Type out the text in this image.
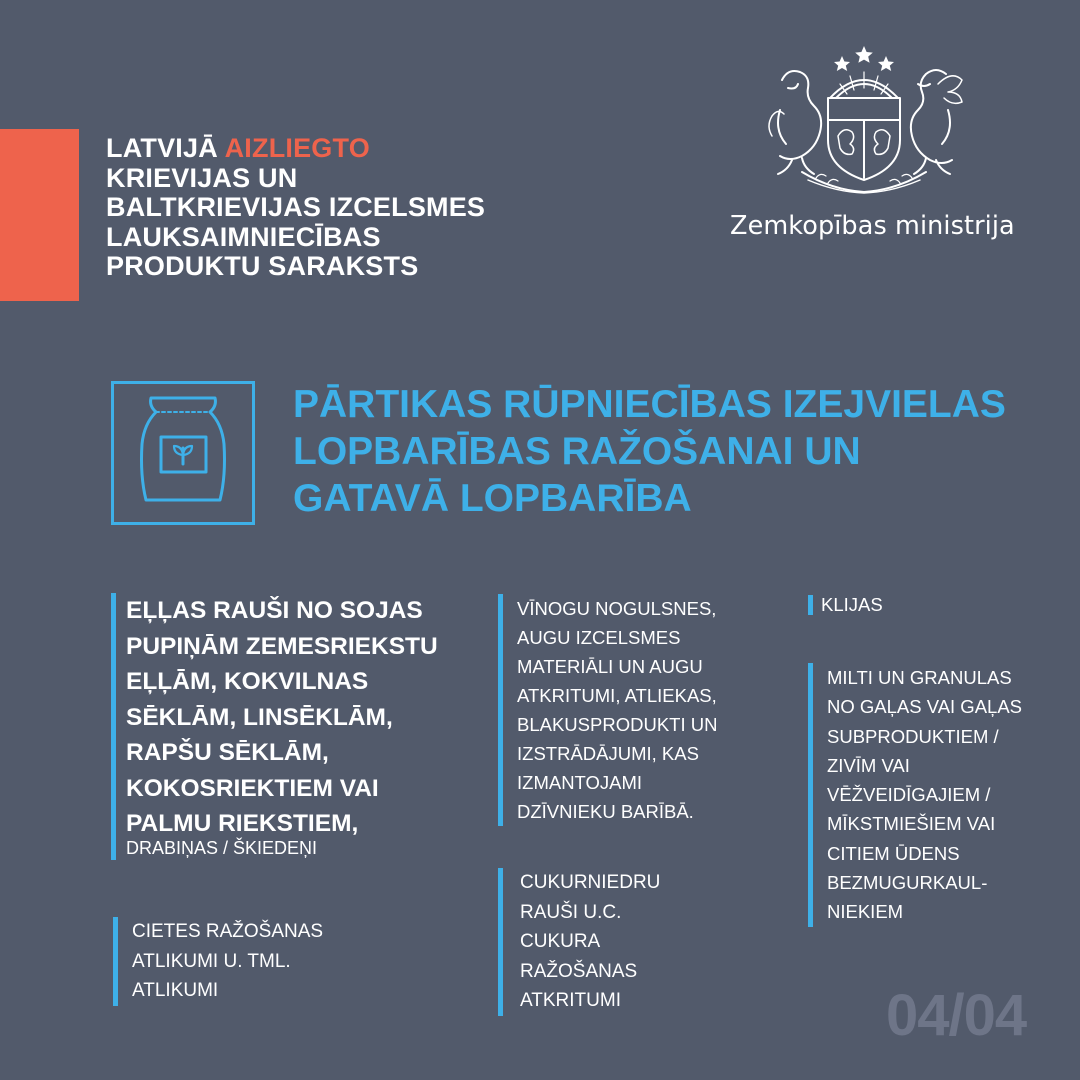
LATVIJĀ AIZLIEGTO
KRIEVIJAS UN
BALTKRIEVIJAS IZCELSMES
LAUKSAIMNIECĪBAS
PRODUKTU SARAKSTS
Zemkopības ministrija
PĀRTIKAS RŪPNIECĪBAS IZEJVIELAS
LOPBARĪBAS RAŽOŠANAI UN
GATAVĀ LOPBARĪBA
EĻĻAS RAUŠI NO SOJAS
PUPIŅĀM ZEMESRIEKSTU
EĻĻĀM, KOKVILNAS
SĒKLĀM, LINSĒKLĀM,
RAPŠU SĒKLĀM,
KOKOSRIEKTIEM VAI
PALMU RIEKSTIEM,
DRABIŅAS / ŠKIEDEŅI
CIETES RAŽOŠANAS
ATLIKUMI U. TML.
ATLIKUMI
VĪNOGU NOGULSNES,
AUGU IZCELSMES
MATERIĀLI UN AUGU
ATKRITUMI, ATLIEKAS,
BLAKUSPRODUKTI UN
IZSTRĀDĀJUMI, KAS
IZMANTOJAMI
DZĪVNIEKU BARĪBĀ.
CUKURNIEDRU
RAUŠI U.C.
CUKURA
RAŽOŠANAS
ATKRITUMI
KLIJAS
MILTI UN GRANULAS
NO GAĻAS VAI GAĻAS
SUBPRODUKTIEM /
ZIVĪM VAI
VĒŽVEIDĪGAJIEM /
MĪKSTMIEŠIEM VAI
CITIEM ŪDENS
BEZMUGURKAUL-
NIEKIEM
04/04
